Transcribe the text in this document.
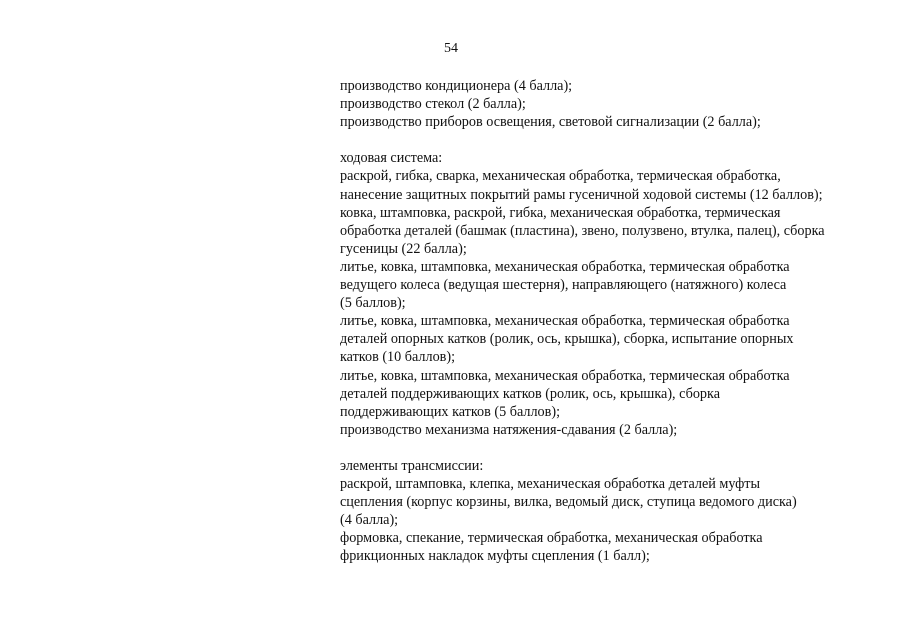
54
производство кондиционера (4 балла);
производство стекол (2 балла);
производство приборов освещения, световой сигнализации (2 балла);
ходовая система:
раскрой, гибка, сварка, механическая обработка, термическая обработка,
нанесение защитных покрытий рамы гусеничной ходовой системы (12 баллов);
ковка, штамповка, раскрой, гибка, механическая обработка, термическая
обработка деталей (башмак (пластина), звено, полузвено, втулка, палец), сборка
гусеницы (22 балла);
литье, ковка, штамповка, механическая обработка, термическая обработка
ведущего колеса (ведущая шестерня), направляющего (натяжного) колеса
(5 баллов);
литье, ковка, штамповка, механическая обработка, термическая обработка
деталей опорных катков (ролик, ось, крышка), сборка, испытание опорных
катков (10 баллов);
литье, ковка, штамповка, механическая обработка, термическая обработка
деталей поддерживающих катков (ролик, ось, крышка), сборка
поддерживающих катков (5 баллов);
производство механизма натяжения-сдавания (2 балла);
элементы трансмиссии:
раскрой, штамповка, клепка, механическая обработка деталей муфты
сцепления (корпус корзины, вилка, ведомый диск, ступица ведомого диска)
(4 балла);
формовка, спекание, термическая обработка, механическая обработка
фрикционных накладок муфты сцепления (1 балл);
